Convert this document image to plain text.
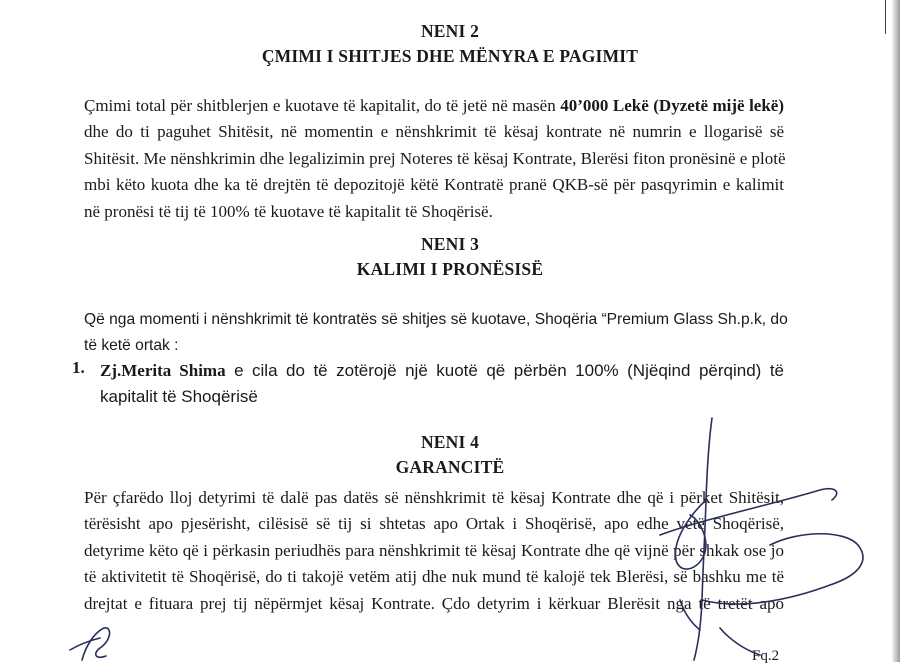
NENI 2
ÇMIMI I SHITJES DHE MËNYRA E PAGIMIT
Çmimi total për shitblerjen e kuotave të kapitalit, do të jetë në masën 40’000 Lekë (Dyzetë mijë lekë)
dhe do ti paguhet Shitësit, në momentin e nënshkrimit të kësaj kontrate në numrin e llogarisë së
Shitësit. Me nënshkrimin dhe legalizimin prej Noteres të kësaj Kontrate, Blerësi fiton pronësinë e plotë
mbi këto kuota dhe ka të drejtën të depozitojë këtë Kontratë pranë QKB-së për pasqyrimin e kalimit
në pronësi të tij të 100% të kuotave të kapitalit të Shoqërisë.
NENI 3
KALIMI I PRONËSISË
Që nga momenti i nënshkrimit të kontratës së shitjes së kuotave, Shoqëria “Premium Glass Sh.p.k, do
të ketë ortak :
1. Zj.Merita Shima e cila do të zotërojë një kuotë që përbën 100% (Njëqind përqind) të
kapitalit të Shoqërisë
NENI 4
GARANCITË
Për çfarëdo lloj detyrimi të dalë pas datës së nënshkrimit të kësaj Kontrate dhe që i përket Shitësit,
tërësisht apo pjesërisht, cilësisë së tij si shtetas apo Ortak i Shoqërisë, apo edhe vetë Shoqërisë,
detyrime këto që i përkasin periudhës para nënshkrimit të kësaj Kontrate dhe që vijnë për shkak ose jo
të aktivitetit të Shoqërisë, do ti takojë vetëm atij dhe nuk mund të kalojë tek Blerësi, së bashku me të
drejtat e fituara prej tij nëpërmjet kësaj Kontrate. Çdo detyrim i kërkuar Blerësit nga të tretët apo
Fq.2
